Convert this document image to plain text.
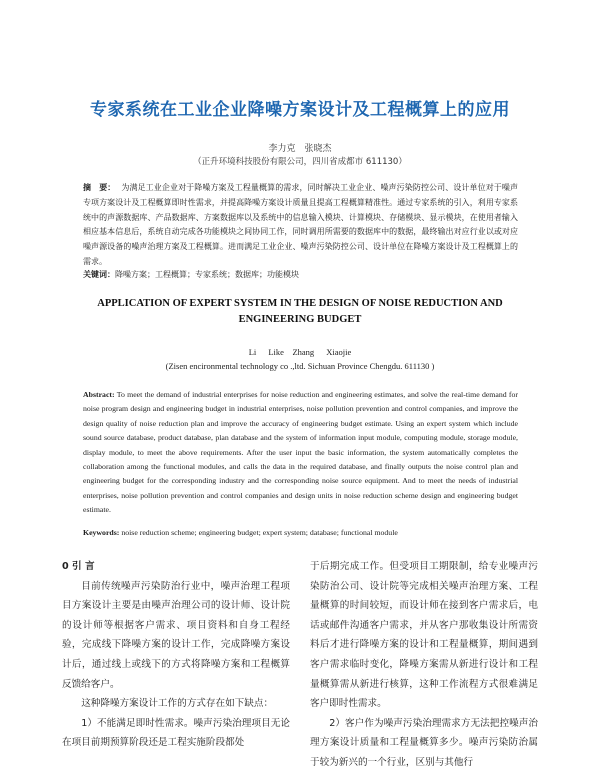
专家系统在工业企业降噪方案设计及工程概算上的应用
李力克　张晓杰
（正升环境科技股份有限公司，四川省成都市 611130）
摘　要： 为满足工业企业对于降噪方案及工程量概算的需求，同时解决工业企业、噪声污染防控公司、设计单位对于噪声专项方案设计及工程概算即时性需求，并提高降噪方案设计质量且提高工程概算精准性。通过专家系统的引入，利用专家系统中的声源数据库、产品数据库、方案数据库以及系统中的信息输入模块、计算模块、存储模块、显示模块，在使用者输入相应基本信息后，系统自动完成各功能模块之间协同工作，同时调用所需要的数据库中的数据，最终输出对应行业以或对应噪声源设备的噪声治理方案及工程概算。进而满足工业企业、噪声污染防控公司、设计单位在降噪方案设计及工程概算上的需求。
关键词：降噪方案；工程概算；专家系统；数据库；功能模块
APPLICATION OF EXPERT SYSTEM IN THE DESIGN OF NOISE REDUCTION AND ENGINEERING BUDGET
Li Like　Zhang Xiaojie
(Zisen encironmental technology co .,ltd. Sichuan Province Chengdu. 611130 )
Abstract: To meet the demand of industrial enterprises for noise reduction and engineering estimates, and solve the real-time demand for noise program design and engineering budget in industrial enterprises, noise pollution prevention and control companies, and improve the design quality of noise reduction plan and improve the accuracy of engineering budget estimate. Using an expert system which include sound source database, product database, plan database and the system of information input module, computing module, storage module, display module, to meet the above requirements. After the user input the basic information, the system automatically completes the collaboration among the functional modules, and calls the data in the required database, and finally outputs the noise control plan and engineering budget for the corresponding industry and the corresponding noise source equipment. And to meet the needs of industrial enterprises, noise pollution prevention and control companies and design units in noise reduction scheme design and engineering budget estimate.
Keywords: noise reduction scheme; engineering budget; expert system; database; functional module

0 引 言

目前传统噪声污染防治行业中，噪声治理工程项目方案设计主要是由噪声治理公司的设计师、设计院的设计师等根据客户需求、项目资料和自身工程经验，完成线下降噪方案的设计工作，完成降噪方案设计后，通过线上或线下的方式将降噪方案和工程概算反馈给客户。

这种降噪方案设计工作的方式存在如下缺点：

1）不能满足即时性需求。噪声污染治理项目无论在项目前期预算阶段还是工程实施阶段都处

于后期完成工作。但受项目工期限制，给专业噪声污染防治公司、设计院等完成相关噪声治理方案、工程量概算的时间较短，而设计师在接到客户需求后，电话或邮件沟通客户需求，并从客户那收集设计所需资料后才进行降噪方案的设计和工程量概算，期间遇到客户需求临时变化，降噪方案需从新进行设计和工程量概算需从新进行核算，这种工作流程方式很难满足客户即时性需求。

2）客户作为噪声污染治理需求方无法把控噪声治理方案设计质量和工程量概算多少。噪声污染防治属于较为新兴的一个行业，区别与其他行
